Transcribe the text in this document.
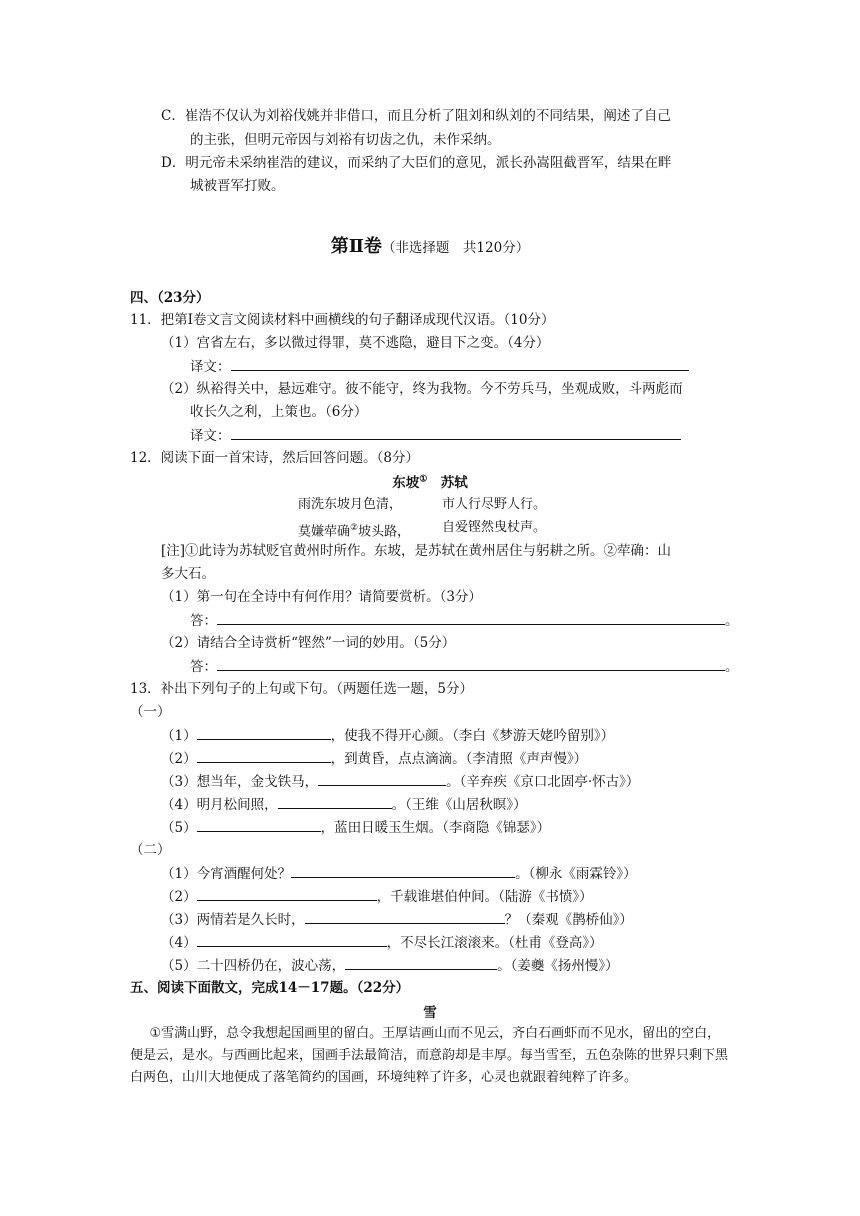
C．崔浩不仅认为刘裕伐姚并非借口，而且分析了阻刘和纵刘的不同结果，阐述了自己
的主张，但明元帝因与刘裕有切齿之仇，未作采纳。
D．明元帝未采纳崔浩的建议，而采纳了大臣们的意见，派长孙嵩阻截晋军，结果在畔
城被晋军打败。
第Ⅱ卷（非选择题　共120分）
四、（23分）
11．把第Ⅰ卷文言文阅读材料中画横线的句子翻译成现代汉语。（10分）
（1）宫省左右，多以微过得罪，莫不逃隐，避目下之变。（4分）
译文：
（2）纵裕得关中，悬远难守。彼不能守，终为我物。今不劳兵马，坐观成败，斗两彪而
收长久之利，上策也。（6分）
译文：
12．阅读下面一首宋诗，然后回答问题。（8分）
东坡①　苏轼
雨洗东坡月色清，	市人行尽野人行。
莫嫌荦确②坡头路， 自爱铿然曳杖声。
[注]①此诗为苏轼贬官黄州时所作。东坡，是苏轼在黄州居住与躬耕之所。②荦确：山
多大石。
（1）第一句在全诗中有何作用？请简要赏析。（3分）
答：	。
（2）请结合全诗赏析“铿然”一词的妙用。（5分）
答：	。
13．补出下列句子的上句或下句。（两题任选一题，5分）
（一）
（1）	，使我不得开心颜。（李白《梦游天姥吟留别》）
（2）	，到黄昏，点点滴滴。（李清照《声声慢》）
（3）想当年，金戈铁马，	。（辛弃疾《京口北固亭·怀古》）
（4）明月松间照，	。（王维《山居秋暝》）
（5）	，蓝田日暖玉生烟。（李商隐《锦瑟》）
（二）
（1）今宵酒醒何处？	。（柳永《雨霖铃》）
（2）	，千载谁堪伯仲间。（陆游《书愤》）
（3）两情若是久长时，	？（秦观《鹊桥仙》）
（4）	，不尽长江滚滚来。（杜甫《登高》）
（5）二十四桥仍在，波心荡，	。（姜夔《扬州慢》）
五、阅读下面散文，完成14－17题。（22分）
雪
①雪满山野，总令我想起国画里的留白。王厚诘画山而不见云，齐白石画虾而不见水，留出的空白，便是云，是水。与西画比起来，国画手法最简洁，而意韵却是丰厚。每当雪至，五色杂陈的世界只剩下黑白两色，山川大地便成了落笔简约的国画，环境纯粹了许多，心灵也就跟着纯粹了许多。
